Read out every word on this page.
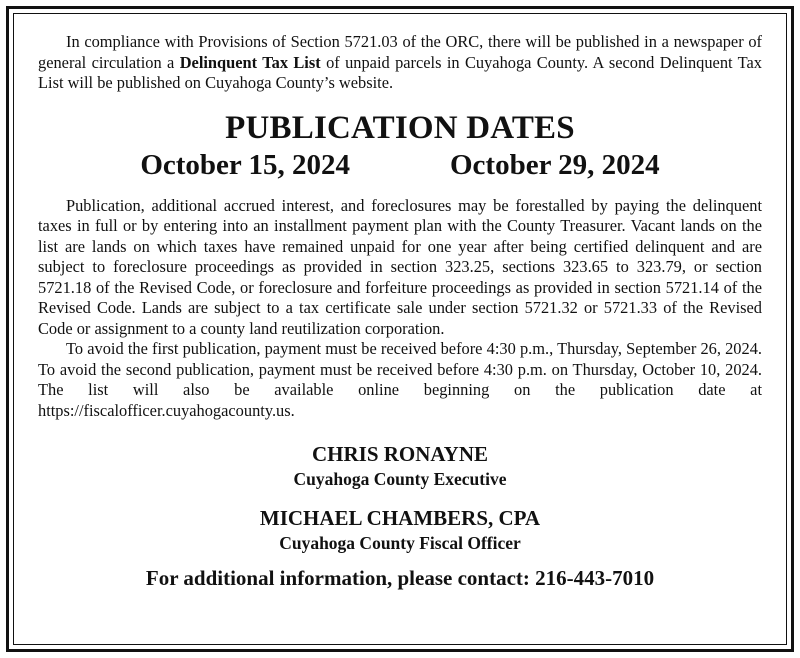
In compliance with Provisions of Section 5721.03 of the ORC, there will be published in a newspaper of general circulation a Delinquent Tax List of unpaid parcels in Cuyahoga County. A second Delinquent Tax List will be published on Cuyahoga County’s website.

PUBLICATION DATES
October 15, 2024	October 29, 2024

Publication, additional accrued interest, and foreclosures may be forestalled by paying the delinquent taxes in full or by entering into an installment payment plan with the County Treasurer. Vacant lands on the list are lands on which taxes have remained unpaid for one year after being certified delinquent and are subject to foreclosure proceedings as provided in section 323.25, sections 323.65 to 323.79, or section 5721.18 of the Revised Code, or foreclosure and forfeiture proceedings as provided in section 5721.14 of the Revised Code. Lands are subject to a tax certificate sale under section 5721.32 or 5721.33 of the Revised Code or assignment to a county land reutilization corporation.

To avoid the first publication, payment must be received before 4:30 p.m., Thursday, September 26, 2024. To avoid the second publication, payment must be received before 4:30 p.m. on Thursday, October 10, 2024. The list will also be available online beginning on the publication date at https://fiscalofficer.cuyahogacounty.us.

CHRIS RONAYNE
Cuyahoga County Executive
MICHAEL CHAMBERS, CPA
Cuyahoga County Fiscal Officer
For additional information, please contact: 216-443-7010
